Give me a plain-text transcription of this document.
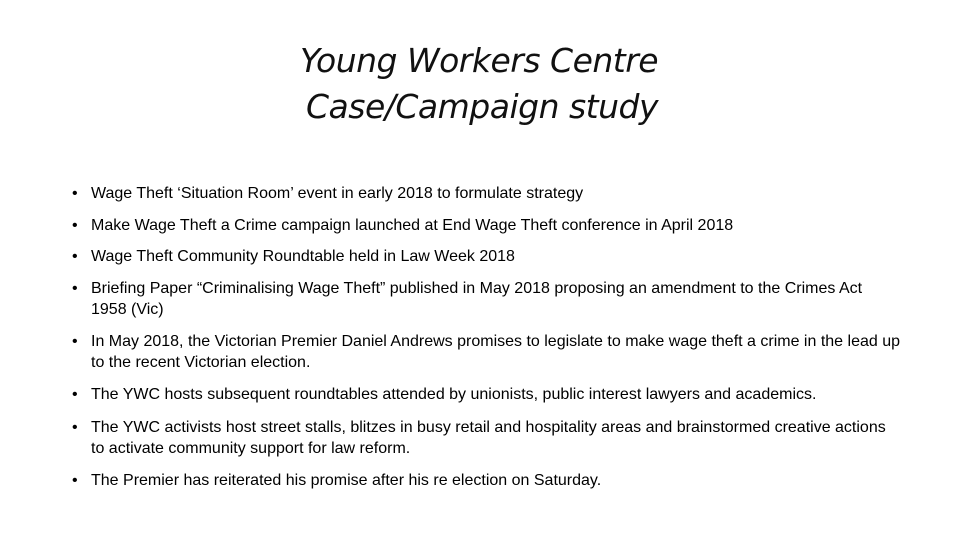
Young Workers Centre
Case/Campaign study
• Wage Theft ‘Situation Room’ event in early 2018 to formulate strategy
• Make Wage Theft a Crime campaign launched at End Wage Theft conference in April 2018
• Wage Theft Community Roundtable held in Law Week 2018
• Briefing Paper “Criminalising Wage Theft” published in May 2018 proposing an amendment to the Crimes Act 1958 (Vic)
• In May 2018, the Victorian Premier Daniel Andrews promises to legislate to make wage theft a crime in the lead up to the recent Victorian election.
• The YWC hosts subsequent roundtables attended by unionists, public interest lawyers and academics.
• The YWC activists host street stalls, blitzes in busy retail and hospitality areas and brainstormed creative actions to activate community support for law reform.
• The Premier has reiterated his promise after his re election on Saturday.
